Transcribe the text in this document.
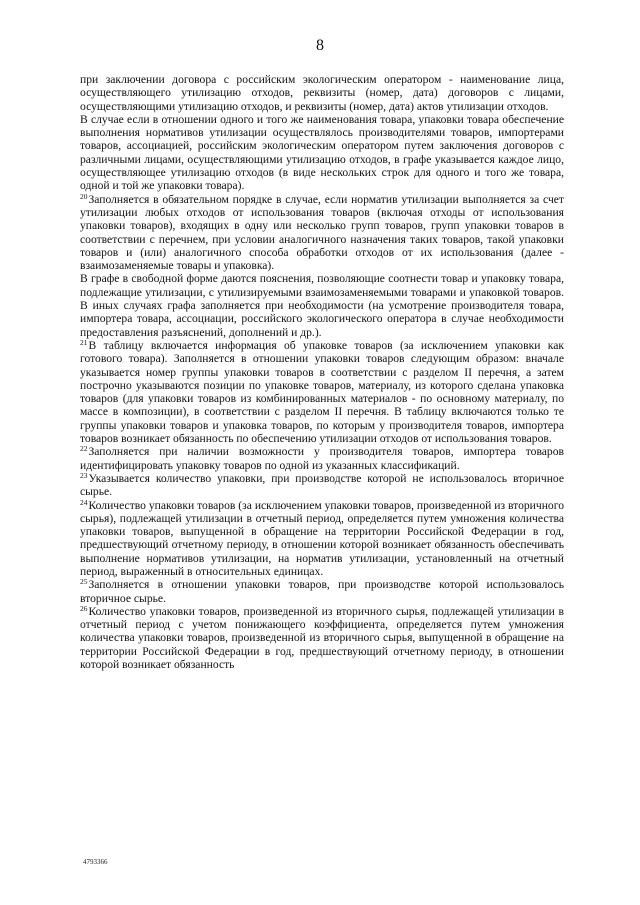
8

при заключении договора с российским экологическим оператором - наименование лица, осуществляющего утилизацию отходов, реквизиты (номер, дата) договоров с лицами, осуществляющими утилизацию отходов, и реквизиты (номер, дата) актов утилизации отходов.

В случае если в отношении одного и того же наименования товара, упаковки товара обеспечение выполнения нормативов утилизации осуществлялось производителями товаров, импортерами товаров, ассоциацией, российским экологическим оператором путем заключения договоров с различными лицами, осуществляющими утилизацию отходов, в графе указывается каждое лицо, осуществляющее утилизацию отходов (в виде нескольких строк для одного и того же товара, одной и той же упаковки товара).

$^{20}$Заполняется в обязательном порядке в случае, если норматив утилизации выполняется за счет утилизации любых отходов от использования товаров (включая отходы от использования упаковки товаров), входящих в одну или несколько групп товаров, групп упаковки товаров в соответствии с перечнем, при условии аналогичного назначения таких товаров, такой упаковки товаров и (или) аналогичного способа обработки отходов от их использования (далее - взаимозаменяемые товары и упаковка).

В графе в свободной форме даются пояснения, позволяющие соотнести товар и упаковку товара, подлежащие утилизации, с утилизируемыми взаимозаменяемыми товарами и упаковкой товаров. В иных случаях графа заполняется при необходимости (на усмотрение производителя товара, импортера товара, ассоциации, российского экологического оператора в случае необходимости предоставления разъяснений, дополнений и др.).

$^{21}$В таблицу включается информация об упаковке товаров (за исключением упаковки как готового товара). Заполняется в отношении упаковки товаров следующим образом: вначале указывается номер группы упаковки товаров в соответствии с разделом II перечня, а затем построчно указываются позиции по упаковке товаров, материалу, из которого сделана упаковка товаров (для упаковки товаров из комбинированных материалов - по основному материалу, по массе в композиции), в соответствии с разделом II перечня. В таблицу включаются только те группы упаковки товаров и упаковка товаров, по которым у производителя товаров, импортера товаров возникает обязанность по обеспечению утилизации отходов от использования товаров.

$^{22}$Заполняется при наличии возможности у производителя товаров, импортера товаров идентифицировать упаковку товаров по одной из указанных классификаций.

$^{23}$Указывается количество упаковки, при производстве которой не использовалось вторичное сырье.

$^{24}$Количество упаковки товаров (за исключением упаковки товаров, произведенной из вторичного сырья), подлежащей утилизации в отчетный период, определяется путем умножения количества упаковки товаров, выпущенной в обращение на территории Российской Федерации в год, предшествующий отчетному периоду, в отношении которой возникает обязанность обеспечивать выполнение нормативов утилизации, на норматив утилизации, установленный на отчетный период, выраженный в относительных единицах.

$^{25}$Заполняется в отношении упаковки товаров, при производстве которой использовалось вторичное сырье.

$^{26}$Количество упаковки товаров, произведенной из вторичного сырья, подлежащей утилизации в отчетный период с учетом понижающего коэффициента, определяется путем умножения количества упаковки товаров, произведенной из вторичного сырья, выпущенной в обращение на территории Российской Федерации в год, предшествующий отчетному периоду, в отношении которой возникает обязанность

4793366
